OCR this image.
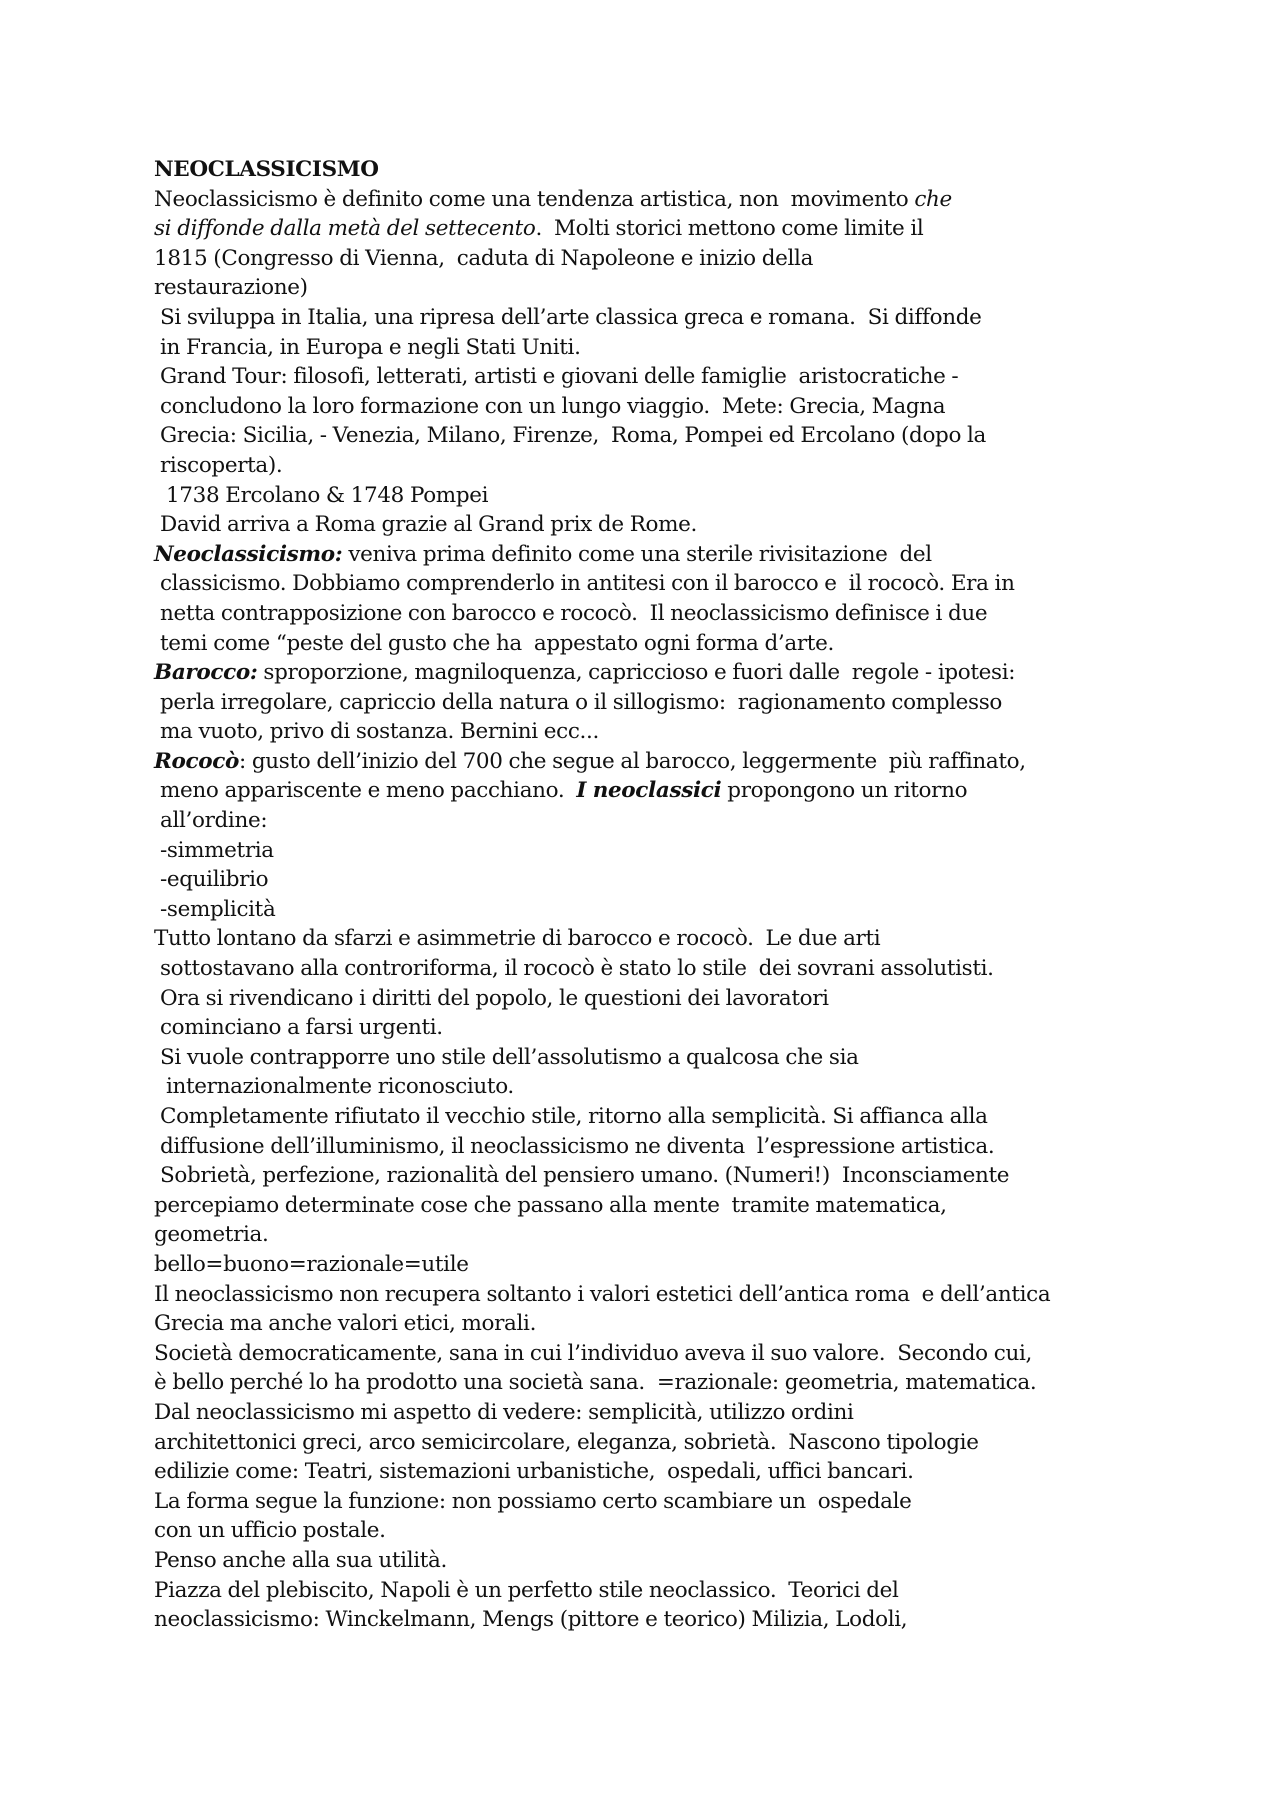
NEOCLASSICISMO
Neoclassicismo è definito come una tendenza artistica, non  movimento che
si diffonde dalla metà del settecento.  Molti storici mettono come limite il
1815 (Congresso di Vienna,  caduta di Napoleone e inizio della
restaurazione)
Si sviluppa in Italia, una ripresa dell’arte classica greca e romana.  Si diffonde
in Francia, in Europa e negli Stati Uniti.
Grand Tour: filosofi, letterati, artisti e giovani delle famiglie  aristocratiche -
concludono la loro formazione con un lungo viaggio.  Mete: Grecia, Magna
Grecia: Sicilia, - Venezia, Milano, Firenze,  Roma, Pompei ed Ercolano (dopo la
riscoperta).
1738 Ercolano & 1748 Pompei
David arriva a Roma grazie al Grand prix de Rome.
Neoclassicismo: veniva prima definito come una sterile rivisitazione  del
classicismo. Dobbiamo comprenderlo in antitesi con il barocco e  il rococò. Era in
netta contrapposizione con barocco e rococò.  Il neoclassicismo definisce i due
temi come “peste del gusto che ha  appestato ogni forma d’arte.
Barocco: sproporzione, magniloquenza, capriccioso e fuori dalle  regole - ipotesi:
perla irregolare, capriccio della natura o il sillogismo:  ragionamento complesso
ma vuoto, privo di sostanza. Bernini ecc...
Rococò: gusto dell’inizio del 700 che segue al barocco, leggermente  più raffinato,
meno appariscente e meno pacchiano.  I neoclassici propongono un ritorno
all’ordine:
-simmetria
-equilibrio
-semplicità
Tutto lontano da sfarzi e asimmetrie di barocco e rococò.  Le due arti
sottostavano alla controriforma, il rococò è stato lo stile  dei sovrani assolutisti.
Ora si rivendicano i diritti del popolo, le questioni dei lavoratori
cominciano a farsi urgenti.
Si vuole contrapporre uno stile dell’assolutismo a qualcosa che sia
internazionalmente riconosciuto.
Completamente rifiutato il vecchio stile, ritorno alla semplicità. Si affianca alla
diffusione dell’illuminismo, il neoclassicismo ne diventa  l’espressione artistica.
Sobrietà, perfezione, razionalità del pensiero umano. (Numeri!)  Inconsciamente
percepiamo determinate cose che passano alla mente  tramite matematica,
geometria.
bello=buono=razionale=utile
Il neoclassicismo non recupera soltanto i valori estetici dell’antica roma  e dell’antica
Grecia ma anche valori etici, morali.
Società democraticamente, sana in cui l’individuo aveva il suo valore.  Secondo cui,
è bello perché lo ha prodotto una società sana.  =razionale: geometria, matematica.
Dal neoclassicismo mi aspetto di vedere: semplicità, utilizzo ordini
architettonici greci, arco semicircolare, eleganza, sobrietà.  Nascono tipologie
edilizie come: Teatri, sistemazioni urbanistiche,  ospedali, uffici bancari.
La forma segue la funzione: non possiamo certo scambiare un  ospedale
con un ufficio postale.
Penso anche alla sua utilità.
Piazza del plebiscito, Napoli è un perfetto stile neoclassico.  Teorici del
neoclassicismo: Winckelmann, Mengs (pittore e teorico) Milizia, Lodoli,
